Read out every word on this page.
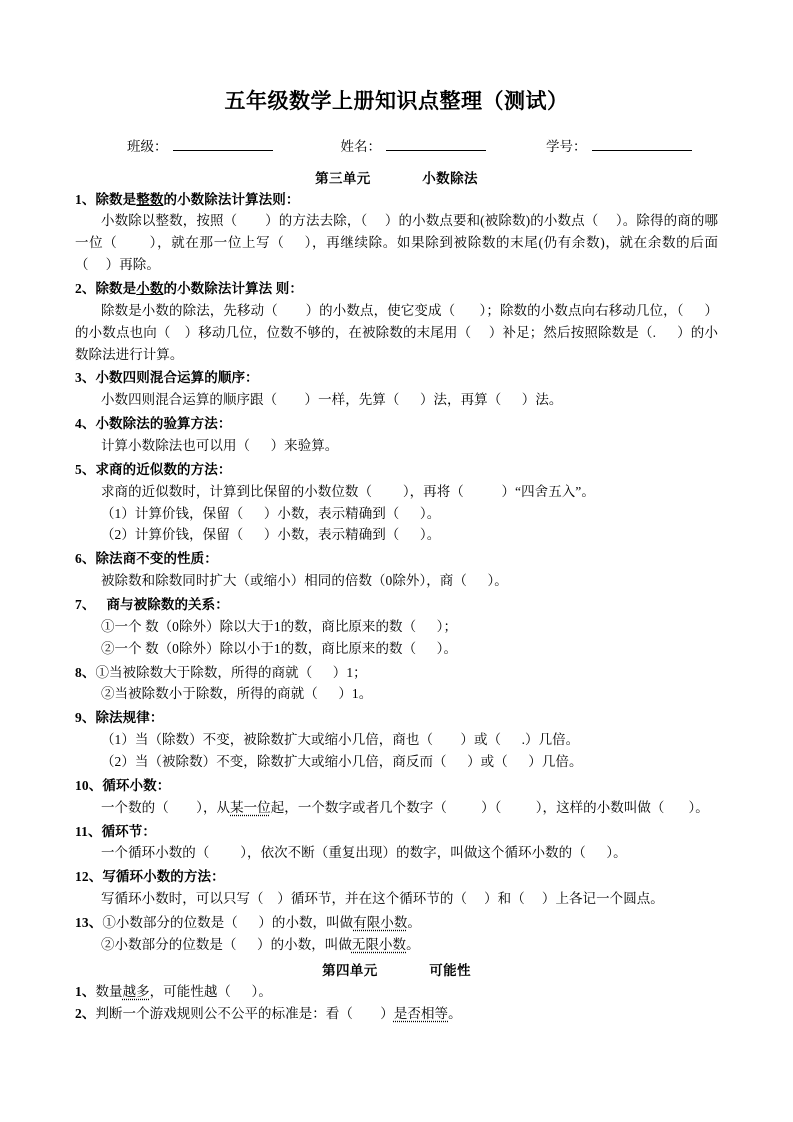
五年级数学上册知识点整理（测试）
班级：	姓名：	学号：
第三单元	小数除法
1、除数是整数的小数除法计算法则：
小数除以整数，按照（        ）的方法去除，（     ）的小数点要和(被除数)的小数点（     ）。除得的商的哪一位（        ），就在那一位上写（     ），再继续除。如果除到被除数的末尾(仍有余数)，就在余数的后面（     ）再除。
2、除数是小数的小数除法计算法 则：
除数是小数的除法，先移动（        ）的小数点，使它变成（       ）；除数的小数点向右移动几位，（      ）的小数点也向（    ）移动几位，位数不够的，在被除数的末尾用（     ）补足；然后按照除数是（.      ）的小数除法进行计算。
3、小数四则混合运算的顺序：
小数四则混合运算的顺序跟（        ）一样，先算（      ）法，再算（      ）法。
4、小数除法的验算方法：
计算小数除法也可以用（      ）来验算。
5、求商的近似数的方法：
求商的近似数时，计算到比保留的小数位数（         ），再将（           ）“四舍五入”。
（1）计算价钱，保留（      ）小数，表示精确到（      ）。
（2）计算价钱，保留（      ）小数，表示精确到（      ）。
6、除法商不变的性质：
被除数和除数同时扩大（或缩小）相同的倍数（0除外），商（      ）。
7、 商与被除数的关系：
①一个 数（0除外）除以大于1的数，商比原来的数（      ）；
②一个 数（0除外）除以小于1的数，商比原来的数（      ）。
8、①当被除数大于除数，所得的商就（      ）1；
②当被除数小于除数，所得的商就（      ）1。
9、除法规律：
（1）当（除数）不变，被除数扩大或缩小几倍，商也（        ）或（      .）几倍。
（2）当（被除数）不变，除数扩大或缩小几倍，商反而（      ）或（      ）几倍。
10、循环小数：
一个数的（        ），从某一位起，一个数字或者几个数字（          ）（          ），这样的小数叫做（       ）。
11、循环节：
一个循环小数的（         ），依次不断（重复出现）的数字，叫做这个循环小数的（      ）。
12、写循环小数的方法：
写循环小数时，可以只写（    ）循环节，并在这个循环节的（     ）和（     ）上各记一个圆点。
13、①小数部分的位数是（      ）的小数，叫做有限小数。
②小数部分的位数是（      ）的小数，叫做无限小数。
第四单元	可能性
1、数量越多，可能性越（      ）。
2、判断一个游戏规则公不公平的标准是：看（        ）是否相等。
